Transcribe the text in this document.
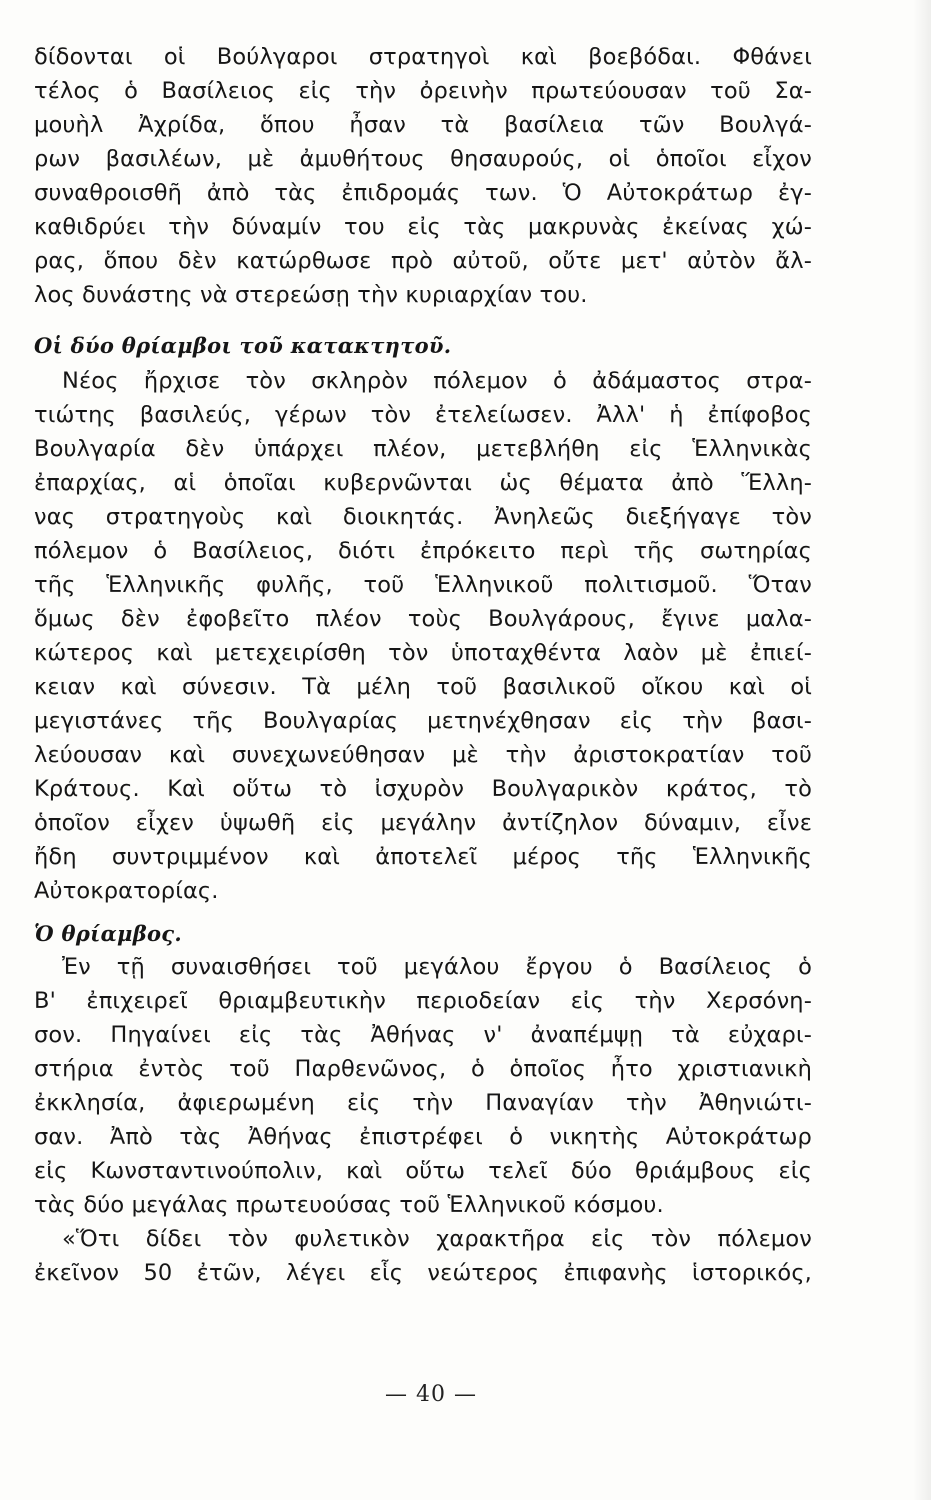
δίδονται οἱ Βούλγαροι στρατηγοὶ καὶ βοεβόδαι. Φθάνει
τέλος ὁ Βασίλειος εἰς τὴν ὀρεινὴν πρωτεύουσαν τοῦ Σα-
μουὴλ Ἀχρίδα, ὅπου ἦσαν τὰ βασίλεια τῶν Βουλγά-
ρων βασιλέων, μὲ ἀμυθήτους θησαυρούς, οἱ ὁποῖοι εἶχον
συναθροισθῆ ἀπὸ τὰς ἐπιδρομάς των. Ὁ Αὐτοκράτωρ ἐγ-
καθιδρύει τὴν δύναμίν του εἰς τὰς μακρυνὰς ἐκείνας χώ-
ρας, ὅπου δὲν κατώρθωσε πρὸ αὐτοῦ, οὔτε μετ' αὐτὸν ἄλ-
λος δυνάστης νὰ στερεώσῃ τὴν κυριαρχίαν του.
Οἱ δύο θρίαμβοι τοῦ κατακτητοῦ.
Νέος ἤρχισε τὸν σκληρὸν πόλεμον ὁ ἀδάμαστος στρα-
τιώτης βασιλεύς, γέρων τὸν ἐτελείωσεν. Ἀλλ' ἡ ἐπίφοβος
Βουλγαρία δὲν ὑπάρχει πλέον, μετεβλήθη εἰς Ἑλληνικὰς
ἐπαρχίας, αἱ ὁποῖαι κυβερνῶνται ὡς θέματα ἀπὸ Ἕλλη-
νας στρατηγοὺς καὶ διοικητάς. Ἀνηλεῶς διεξήγαγε τὸν
πόλεμον ὁ Βασίλειος, διότι ἐπρόκειτο περὶ τῆς σωτηρίας
τῆς Ἑλληνικῆς φυλῆς, τοῦ Ἑλληνικοῦ πολιτισμοῦ. Ὅταν
ὅμως δὲν ἐφοβεῖτο πλέον τοὺς Βουλγάρους, ἔγινε μαλα-
κώτερος καὶ μετεχειρίσθη τὸν ὑποταχθέντα λαὸν μὲ ἐπιεί-
κειαν καὶ σύνεσιν. Τὰ μέλη τοῦ βασιλικοῦ οἴκου καὶ οἱ
μεγιστάνες τῆς Βουλγαρίας μετηνέχθησαν εἰς τὴν βασι-
λεύουσαν καὶ συνεχωνεύθησαν μὲ τὴν ἀριστοκρατίαν τοῦ
Κράτους. Καὶ οὕτω τὸ ἰσχυρὸν Βουλγαρικὸν κράτος, τὸ
ὁποῖον εἶχεν ὑψωθῆ εἰς μεγάλην ἀντίζηλον δύναμιν, εἶνε
ἤδη συντριμμένον καὶ ἀποτελεῖ μέρος τῆς Ἑλληνικῆς
Αὐτοκρατορίας.
Ὁ θρίαμβος.
Ἐν τῇ συναισθήσει τοῦ μεγάλου ἔργου ὁ Βασίλειος ὁ
Β' ἐπιχειρεῖ θριαμβευτικὴν περιοδείαν εἰς τὴν Χερσόνη-
σον. Πηγαίνει εἰς τὰς Ἀθήνας ν' ἀναπέμψῃ τὰ εὐχαρι-
στήρια ἐντὸς τοῦ Παρθενῶνος, ὁ ὁποῖος ἦτο χριστιανικὴ
ἐκκλησία, ἀφιερωμένη εἰς τὴν Παναγίαν τὴν Ἀθηνιώτι-
σαν. Ἀπὸ τὰς Ἀθήνας ἐπιστρέφει ὁ νικητὴς Αὐτοκράτωρ
εἰς Κωνσταντινούπολιν, καὶ οὕτω τελεῖ δύο θριάμβους εἰς
τὰς δύο μεγάλας πρωτευούσας τοῦ Ἑλληνικοῦ κόσμου.
«Ὅτι δίδει τὸν φυλετικὸν χαρακτῆρα εἰς τὸν πόλεμον
ἐκεῖνον 50 ἐτῶν, λέγει εἷς νεώτερος ἐπιφανὴς ἱστορικός,
— 40 —
